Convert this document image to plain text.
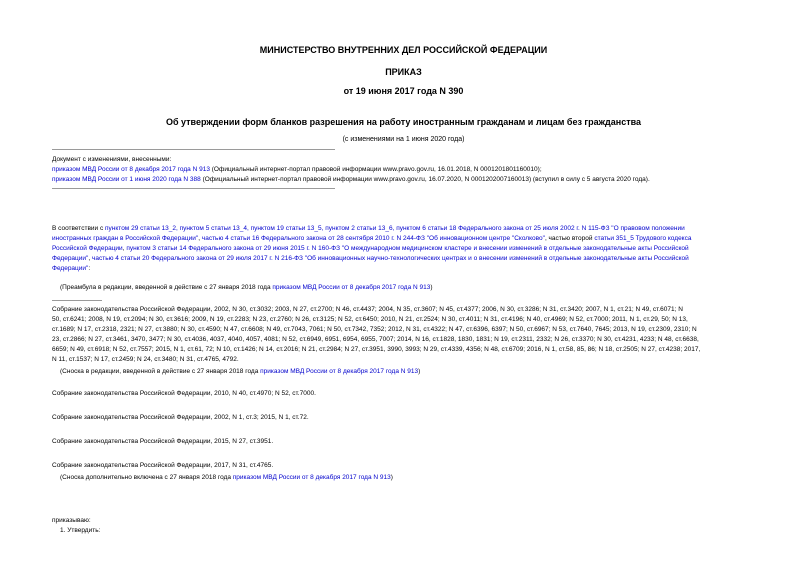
МИНИСТЕРСТВО ВНУТРЕННИХ ДЕЛ РОССИЙСКОЙ ФЕДЕРАЦИИ
ПРИКАЗ
от 19 июня 2017 года N 390
Об утверждении форм бланков разрешения на работу иностранным гражданам и лицам без гражданства
(с изменениями на 1 июня 2020 года)
Документ с изменениями, внесенными:
приказом МВД России от 8 декабря 2017 года N 913 (Официальный интернет-портал правовой информации www.pravo.gov.ru, 16.01.2018, N 0001201801160010);
приказом МВД России от 1 июня 2020 года N 388 (Официальный интернет-портал правовой информации www.pravo.gov.ru, 16.07.2020, N 0001202007160013) (вступил в силу с 5 августа 2020 года).
В соответствии с пунктом 29 статьи 13_2, пунктом 5 статьи 13_4, пунктом 19 статьи 13_5, пунктом 2 статьи 13_6, пунктом 6 статьи 18 Федерального закона от 25 июля 2002 г. N 115-ФЗ "О правовом положении
иностранных граждан в Российской Федерации", частью 4 статьи 16 Федерального закона от 28 сентября 2010 г. N 244-ФЗ "Об инновационном центре "Сколково", частью второй статьи 351_5 Трудового кодекса
Российской Федерации, пунктом 3 статьи 14 Федерального закона от 29 июня 2015 г. N 160-ФЗ "О международном медицинском кластере и внесении изменений в отдельные законодательные акты Российской
Федерации", частью 4 статьи 20 Федерального закона от 29 июля 2017 г. N 216-ФЗ "Об инновационных научно-технологических центрах и о внесении изменений в отдельные законодательные акты Российской
Федерации":
(Преамбула в редакции, введенной в действие с 27 января 2018 года приказом МВД России от 8 декабря 2017 года N 913)
Собрание законодательства Российской Федерации, 2002, N 30, ст.3032; 2003, N 27, ст.2700; N 46, ст.4437; 2004, N 35, ст.3607; N 45, ст.4377; 2006, N 30, ст.3286; N 31, ст.3420; 2007, N 1, ст.21; N 49, ст.6071; N
50, ст.6241; 2008, N 19, ст.2094; N 30, ст.3616; 2009, N 19, ст.2283; N 23, ст.2760; N 26, ст.3125; N 52, ст.6450; 2010, N 21, ст.2524; N 30, ст.4011; N 31, ст.4196; N 40, ст.4969; N 52, ст.7000; 2011, N 1, ст.29, 50; N 13,
ст.1689; N 17, ст.2318, 2321; N 27, ст.3880; N 30, ст.4590; N 47, ст.6608; N 49, ст.7043, 7061; N 50, ст.7342, 7352; 2012, N 31, ст.4322; N 47, ст.6396, 6397; N 50, ст.6967; N 53, ст.7640, 7645; 2013, N 19, ст.2309, 2310; N
23, ст.2866; N 27, ст.3461, 3470, 3477; N 30, ст.4036, 4037, 4040, 4057, 4081; N 52, ст.6949, 6951, 6954, 6955, 7007; 2014, N 16, ст.1828, 1830, 1831; N 19, ст.2311, 2332; N 26, ст.3370; N 30, ст.4231, 4233; N 48, ст.6638,
6659; N 49, ст.6918; N 52, ст.7557; 2015, N 1, ст.61, 72; N 10, ст.1426; N 14, ст.2016; N 21, ст.2984; N 27, ст.3951, 3990, 3993; N 29, ст.4339, 4356; N 48, ст.6709; 2016, N 1, ст.58, 85, 86; N 18, ст.2505; N 27, ст.4238; 2017,
N 11, ст.1537; N 17, ст.2459; N 24, ст.3480; N 31, ст.4765, 4792.
(Сноска в редакции, введенной в действие с 27 января 2018 года приказом МВД России от 8 декабря 2017 года N 913)
Собрание законодательства Российской Федерации, 2010, N 40, ст.4970; N 52, ст.7000.
Собрание законодательства Российской Федерации, 2002, N 1, ст.3; 2015, N 1, ст.72.
Собрание законодательства Российской Федерации, 2015, N 27, ст.3951.
Собрание законодательства Российской Федерации, 2017, N 31, ст.4765.
(Сноска дополнительно включена с 27 января 2018 года приказом МВД России от 8 декабря 2017 года N 913)
приказываю:
1. Утвердить:
